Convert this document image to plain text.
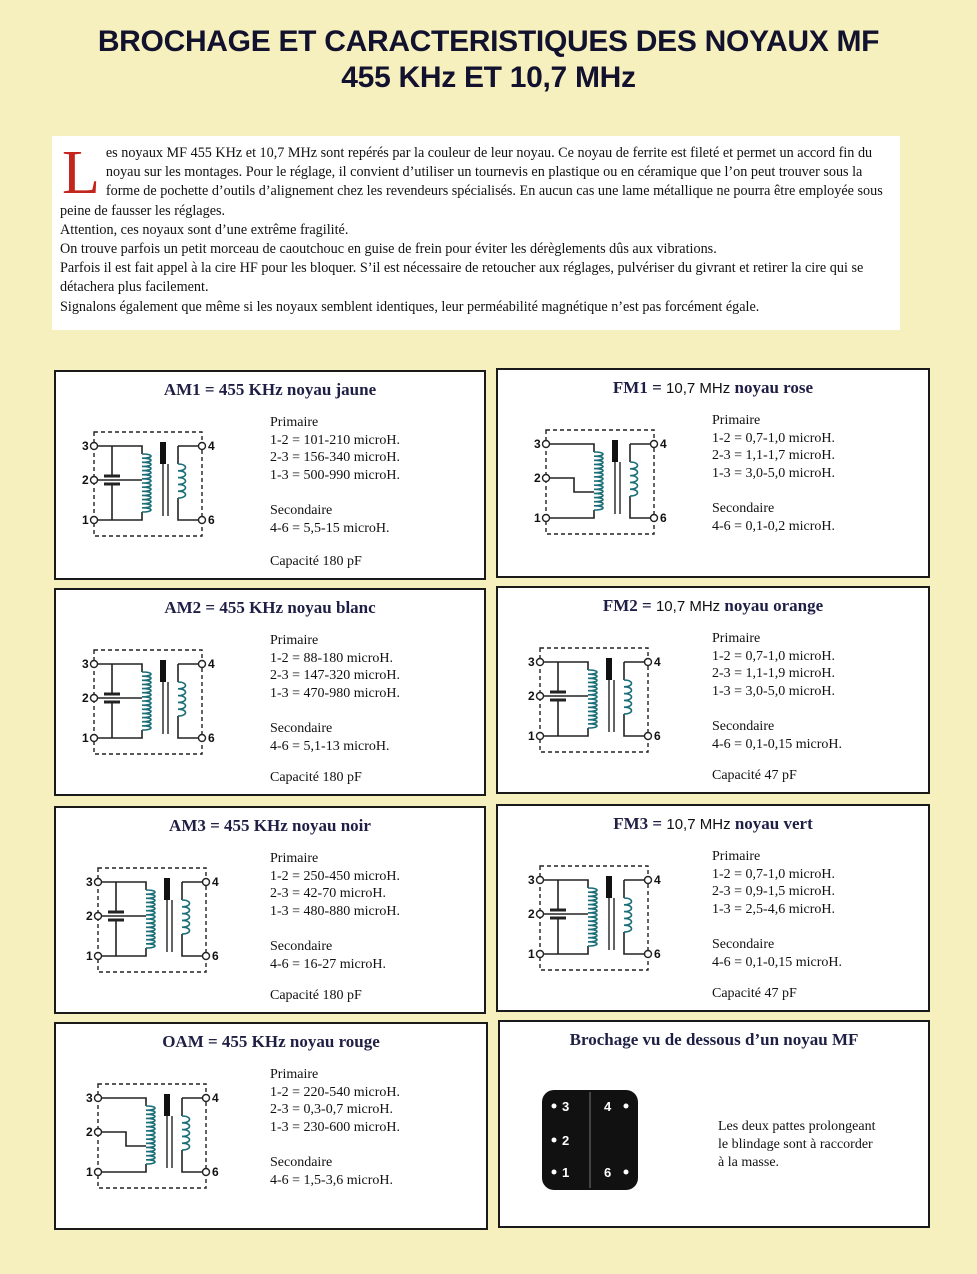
BROCHAGE ET CARACTERISTIQUES DES NOYAUX MF
455 KHz ET 10,7 MHz
L es noyaux MF 455 KHz et 10,7 MHz sont repérés par la couleur de leur noyau. Ce noyau de ferrite est fileté et permet un accord fin du noyau sur les montages. Pour le réglage, il convient d’utiliser un tournevis en plastique ou en céramique que l’on peut trouver sous la forme de pochette d’outils d’alignement chez les revendeurs spécialisés. En aucun cas une lame métallique ne pourra être employée sous peine de fausser les réglages.

Attention, ces noyaux sont d’une extrême fragilité.

On trouve parfois un petit morceau de caoutchouc en guise de frein pour éviter les dérèglements dûs aux vibrations.

Parfois il est fait appel à la cire HF pour les bloquer. S’il est nécessaire de retoucher aux réglages, pulvériser du givrant et retirer la cire qui se détachera plus facilement.

Signalons également que même si les noyaux semblent identiques, leur perméabilité magnétique n’est pas forcément égale.

AM1 = 455 KHz noyau jaune
3
2
1
4
6
Primaire
1-2 = 101-210 microH.
2-3 = 156-340 microH.
1-3 = 500-990 microH.
Secondaire
4-6 = 5,5-15 microH.
Capacité 180 pF
FM1 = 10,7 MHz noyau rose
3
2
1
4
6
Primaire
1-2 = 0,7-1,0 microH.
2-3 = 1,1-1,7 microH.
1-3 = 3,0-5,0 microH.
Secondaire
4-6 = 0,1-0,2 microH.
AM2 = 455 KHz noyau blanc
3
2
1
4
6
Primaire
1-2 = 88-180 microH.
2-3 = 147-320 microH.
1-3 = 470-980 microH.
Secondaire
4-6 = 5,1-13 microH.
Capacité 180 pF
FM2 = 10,7 MHz noyau orange
3
2
1
4
6
Primaire
1-2 = 0,7-1,0 microH.
2-3 = 1,1-1,9 microH.
1-3 = 3,0-5,0 microH.
Secondaire
4-6 = 0,1-0,15 microH.
Capacité 47 pF
AM3 = 455 KHz noyau noir
3
2
1
4
6
Primaire
1-2 = 250-450 microH.
2-3 = 42-70 microH.
1-3 = 480-880 microH.
Secondaire
4-6 = 16-27 microH.
Capacité 180 pF
FM3 = 10,7 MHz noyau vert
3
2
1
4
6
Primaire
1-2 = 0,7-1,0 microH.
2-3 = 0,9-1,5 microH.
1-3 = 2,5-4,6 microH.
Secondaire
4-6 = 0,1-0,15 microH.
Capacité 47 pF
OAM = 455 KHz noyau rouge
3
2
1
4
6
Primaire
1-2 = 220-540 microH.
2-3 = 0,3-0,7 microH.
1-3 = 230-600 microH.
Secondaire
4-6 = 1,5-3,6 microH.
Brochage vu de dessous d’un noyau MF
3	4
2
1	6
Les deux pattes prolongeant
le blindage sont à raccorder
à la masse.
